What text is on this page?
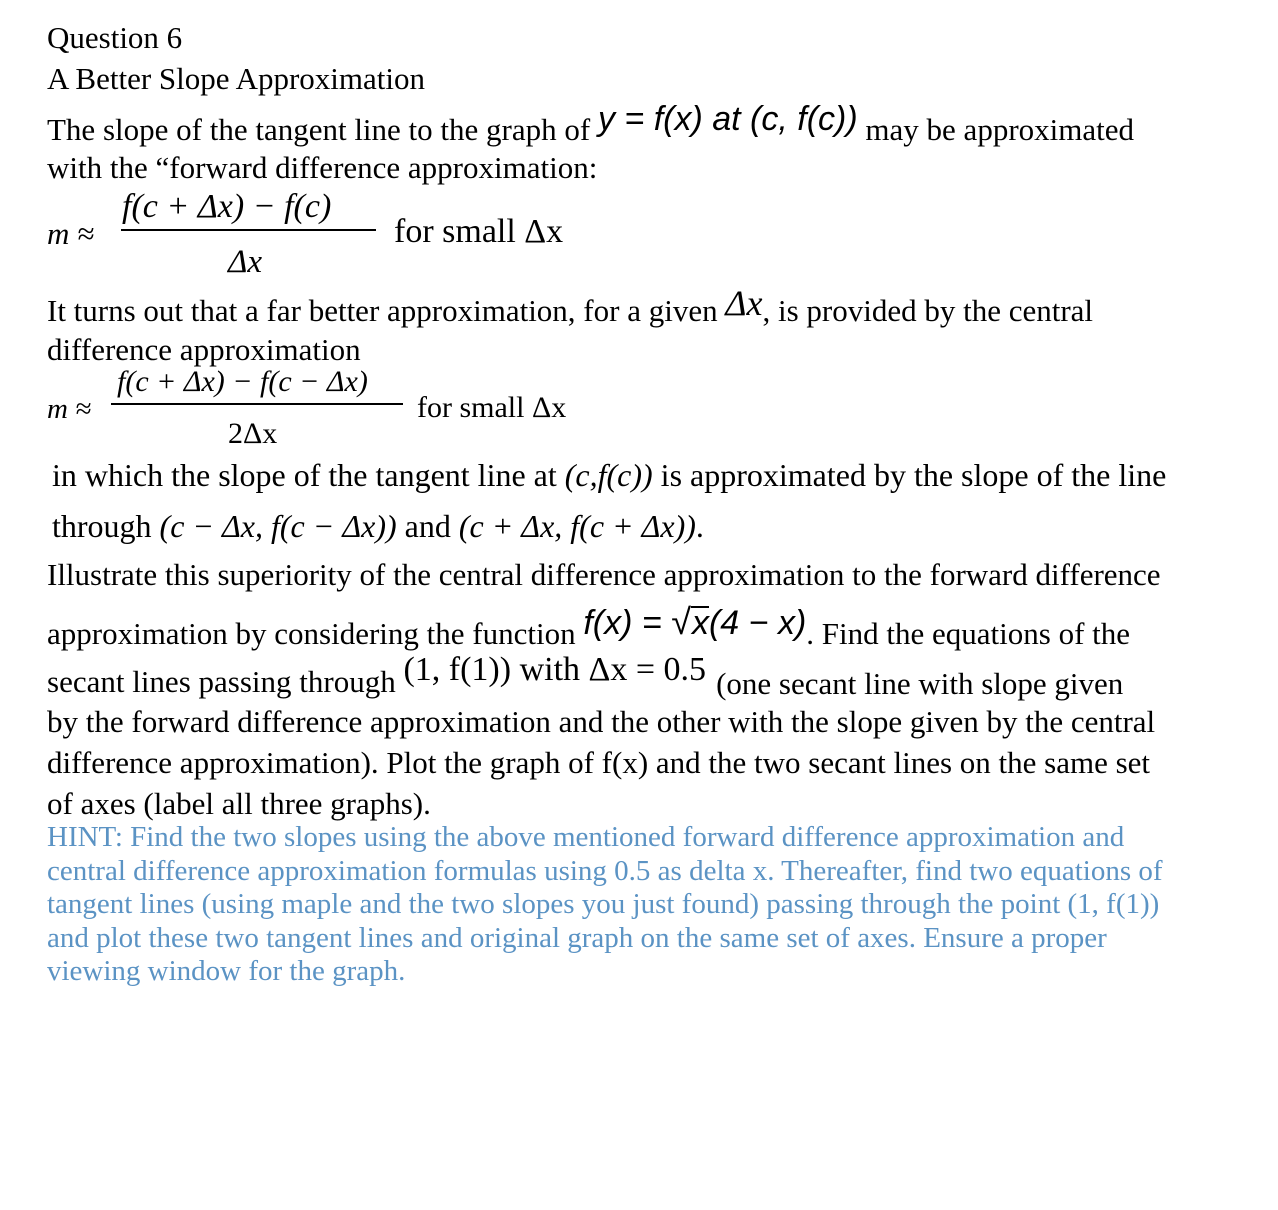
Question 6
A Better Slope Approximation
The slope of the tangent line to the graph of y = f(x) at (c, f(c)) may be approximated
with the “forward difference approximation:
m ≈
f(c + Δx) − f(c)
Δx
for small Δx
It turns out that a far better approximation, for a given Δx, is provided by the central
difference approximation
m ≈
f(c + Δx) − f(c − Δx)
2Δx
for small Δx
in which the slope of the tangent line at (c,f(c)) is approximated by the slope of the line
through (c − Δx, f(c − Δx)) and (c + Δx, f(c + Δx)).
Illustrate this superiority of the central difference approximation to the forward difference
approximation by considering the function f(x) = √x(4 − x). Find the equations of the
secant lines passing through (1, f(1)) with Δx = 0.5 (one secant line with slope given
by the forward difference approximation and the other with the slope given by the central
difference approximation). Plot the graph of f(x) and the two secant lines on the same set
of axes (label all three graphs).

HINT: Find the two slopes using the above mentioned forward difference approximation and

central difference approximation formulas using 0.5 as delta x. Thereafter, find two equations of

tangent lines (using maple and the two slopes you just found) passing through the point (1, f(1))

and plot these two tangent lines and original graph on the same set of axes. Ensure a proper

viewing window for the graph.
